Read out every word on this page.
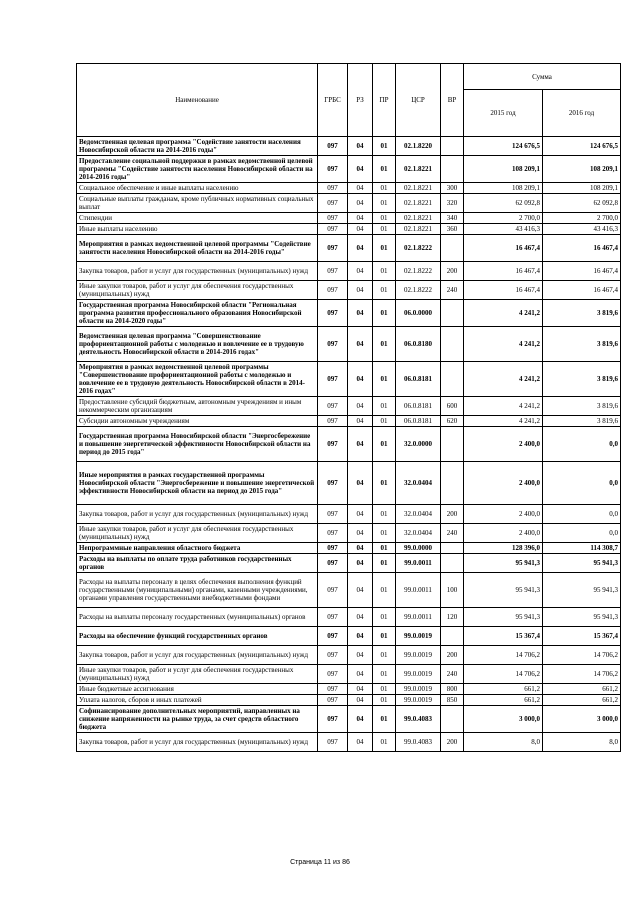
Наименование	ГРБС	РЗ	ПР	ЦСР	ВР	Сумма	
						2015 год	2016 год
Ведомственная целевая программа "Содействие занятости населения Новосибирской области на 2014-2016 годы"	097	04	01	02.1.8220		124 676,5	124 676,5
Предоставление социальной поддержки в рамках ведомственной целевой программы "Содействие занятости населения Новосибирской области на 2014-2016 годы"	097	04	01	02.1.8221		108 209,1	108 209,1
Социальное обеспечение и иные выплаты населению	097	04	01	02.1.8221	300	108 209,1	108 209,1
Социальные выплаты гражданам, кроме публичных нормативных социальных выплат	097	04	01	02.1.8221	320	62 092,8	62 092,8
Стипендии	097	04	01	02.1.8221	340	2 700,0	2 700,0
Иные выплаты населению	097	04	01	02.1.8221	360	43 416,3	43 416,3
Мероприятия в рамках ведомственной целевой программы "Содействие занятости населения Новосибирской области на 2014-2016 годы"	097	04	01	02.1.8222		16 467,4	16 467,4
Закупка товаров, работ и услуг для государственных (муниципальных) нужд	097	04	01	02.1.8222	200	16 467,4	16 467,4
Иные закупки товаров, работ и услуг для обеспечения государственных (муниципальных) нужд	097	04	01	02.1.8222	240	16 467,4	16 467,4
Государственная программа Новосибирской области "Региональная программа развития профессионального образования Новосибирской области на 2014-2020 годы"	097	04	01	06.0.0000		4 241,2	3 819,6
Ведомственная целевая программа "Совершенствование профориентационной работы с молодежью и вовлечение ее в трудовую деятельность Новосибирской области в 2014-2016 годах"	097	04	01	06.0.8180		4 241,2	3 819,6
Мероприятия в рамках ведомственной целевой программы "Совершенствование профориентационной работы с молодежью и вовлечение ее в трудовую деятельность Новосибирской области в 2014-2016 годах"	097	04	01	06.0.8181		4 241,2	3 819,6
Предоставление субсидий бюджетным, автономным учреждениям и иным некоммерческим организациям	097	04	01	06.0.8181	600	4 241,2	3 819,6
Субсидии автономным учреждениям	097	04	01	06.0.8181	620	4 241,2	3 819,6
Государственная программа Новосибирской области "Энергосбережение и повышение энергетической эффективности Новосибирской области на период до 2015 года"	097	04	01	32.0.0000		2 400,0	0,0
Иные мероприятия в рамках государственной программы Новосибирской области "Энергосбережение и повышение энергетической эффективности Новосибирской области на период до 2015 года"	097	04	01	32.0.0404		2 400,0	0,0
Закупка товаров, работ и услуг для государственных (муниципальных) нужд	097	04	01	32.0.0404	200	2 400,0	0,0
Иные закупки товаров, работ и услуг для обеспечения государственных (муниципальных) нужд	097	04	01	32.0.0404	240	2 400,0	0,0
Непрограммные направления областного бюджета	097	04	01	99.0.0000		128 396,0	114 308,7
Расходы на выплаты по оплате труда работников государственных органов	097	04	01	99.0.0011		95 941,3	95 941,3
Расходы на выплаты персоналу в целях обеспечения выполнения функций государственными (муниципальными) органами, казенными учреждениями, органами управления государственными внебюджетными фондами	097	04	01	99.0.0011	100	95 941,3	95 941,3
Расходы на выплаты персоналу государственных (муниципальных) органов	097	04	01	99.0.0011	120	95 941,3	95 941,3
Расходы на обеспечение функций государственных органов	097	04	01	99.0.0019		15 367,4	15 367,4
Закупка товаров, работ и услуг для государственных (муниципальных) нужд	097	04	01	99.0.0019	200	14 706,2	14 706,2
Иные закупки товаров, работ и услуг для обеспечения государственных (муниципальных) нужд	097	04	01	99.0.0019	240	14 706,2	14 706,2
Иные бюджетные ассигнования	097	04	01	99.0.0019	800	661,2	661,2
Уплата налогов, сборов и иных платежей	097	04	01	99.0.0019	850	661,2	661,2
Софинансирование дополнительных мероприятий, направленных на снижение напряженности на рынке труда, за счет средств областного бюджета	097	04	01	99.0.4083		3 000,0	3 000,0
Закупка товаров, работ и услуг для государственных (муниципальных) нужд	097	04	01	99.0.4083	200	8,0	8,0
Страница 11 из 86
